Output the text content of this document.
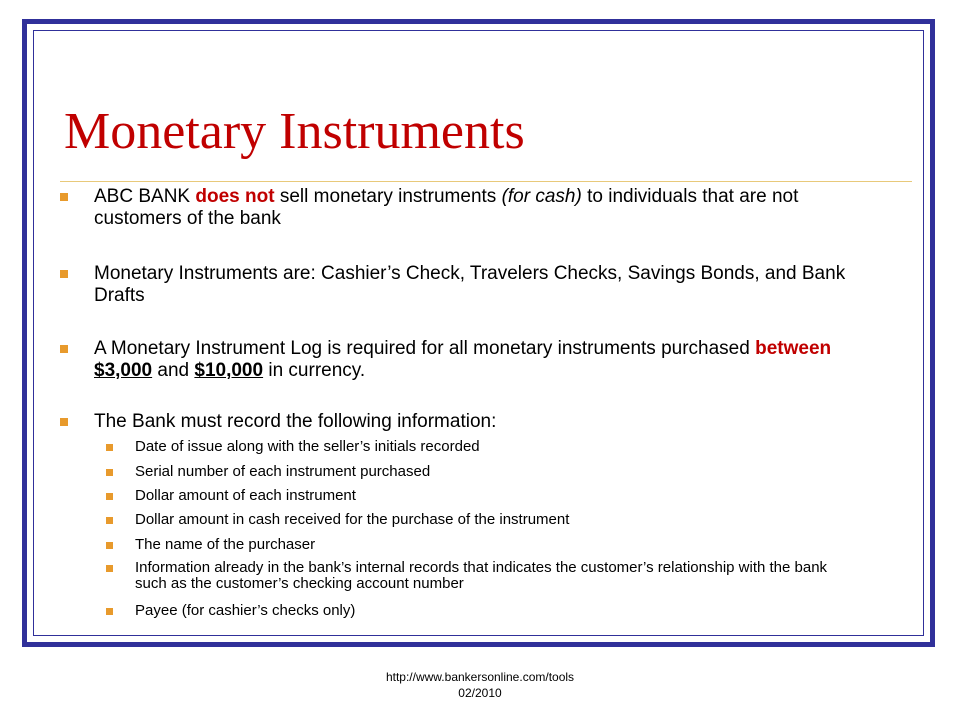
Monetary Instruments
ABC BANK does not sell monetary instruments (for cash) to individuals that are not customers of the bank
Monetary Instruments are: Cashier’s Check, Travelers Checks, Savings Bonds, and Bank Drafts
A Monetary Instrument Log is required for all monetary instruments purchased between $3,000 and $10,000 in currency.
The Bank must record the following information:
Date of issue along with the seller’s initials recorded
Serial number of each instrument purchased
Dollar amount of each instrument
Dollar amount in cash received for the purchase of the instrument
The name of the purchaser
Information already in the bank’s internal records that indicates the customer’s relationship with the bank such as the customer’s checking account number
Payee (for cashier’s checks only)
http://www.bankersonline.com/tools
02/2010
